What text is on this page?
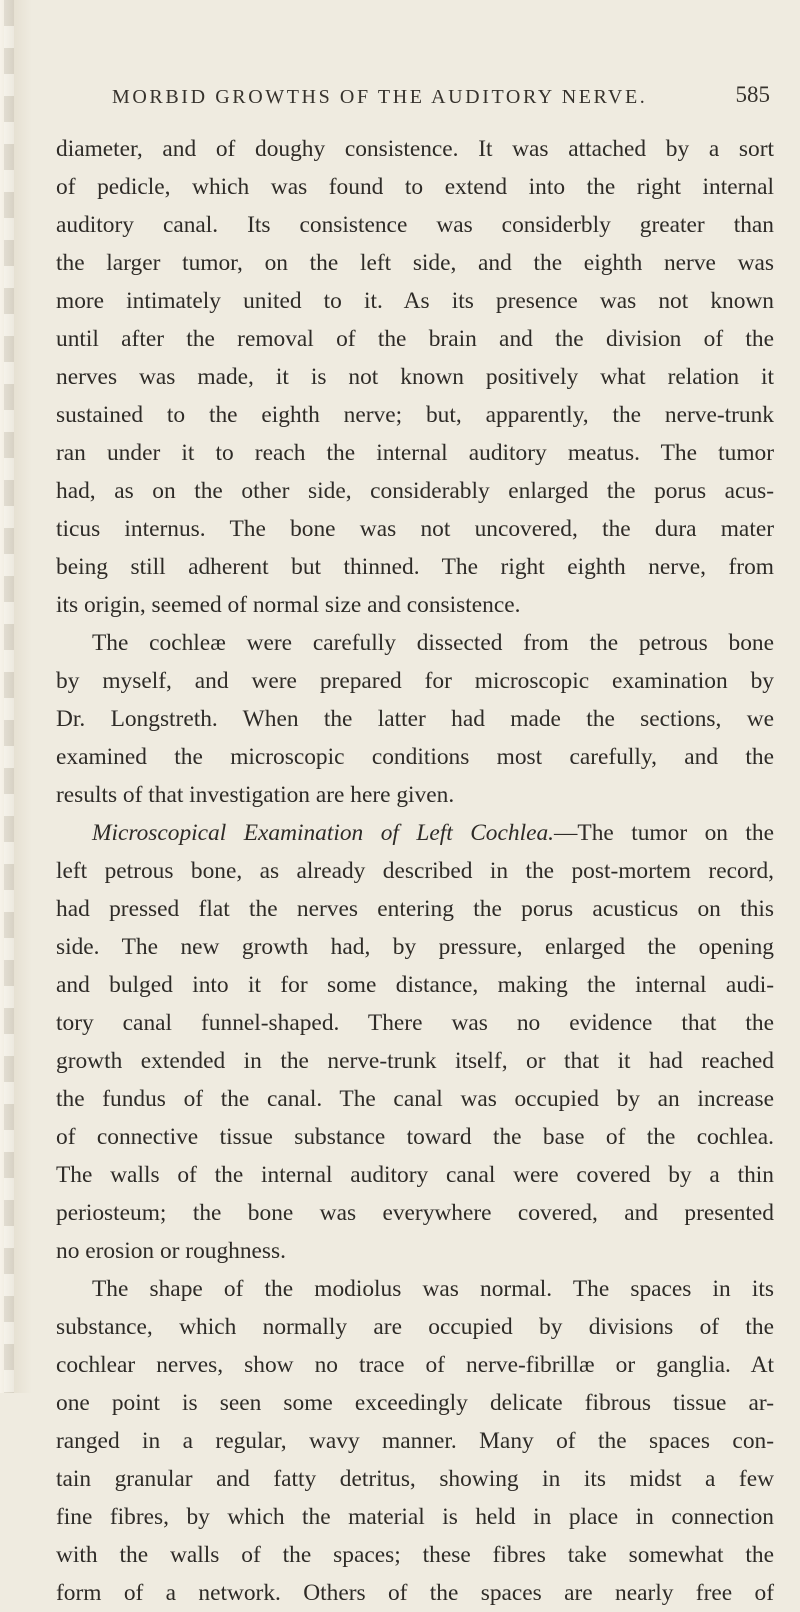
MORBID GROWTHS OF THE AUDITORY NERVE.	585
diameter, and of doughy consistence. It was attached by a sort
of pedicle, which was found to extend into the right internal
auditory canal. Its consistence was considerbly greater than
the larger tumor, on the left side, and the eighth nerve was
more intimately united to it. As its presence was not known
until after the removal of the brain and the division of the
nerves was made, it is not known positively what relation it
sustained to the eighth nerve; but, apparently, the nerve-trunk
ran under it to reach the internal auditory meatus. The tumor
had, as on the other side, considerably enlarged the porus acus-
ticus internus. The bone was not uncovered, the dura mater
being still adherent but thinned. The right eighth nerve, from
its origin, seemed of normal size and consistence.
The cochleæ were carefully dissected from the petrous bone
by myself, and were prepared for microscopic examination by
Dr. Longstreth. When the latter had made the sections, we
examined the microscopic conditions most carefully, and the
results of that investigation are here given.
Microscopical Examination of Left Cochlea.—The tumor on the
left petrous bone, as already described in the post-mortem record,
had pressed flat the nerves entering the porus acusticus on this
side. The new growth had, by pressure, enlarged the opening
and bulged into it for some distance, making the internal audi-
tory canal funnel-shaped. There was no evidence that the
growth extended in the nerve-trunk itself, or that it had reached
the fundus of the canal. The canal was occupied by an increase
of connective tissue substance toward the base of the cochlea.
The walls of the internal auditory canal were covered by a thin
periosteum; the bone was everywhere covered, and presented
no erosion or roughness.
The shape of the modiolus was normal. The spaces in its
substance, which normally are occupied by divisions of the
cochlear nerves, show no trace of nerve-fibrillæ or ganglia. At
one point is seen some exceedingly delicate fibrous tissue ar-
ranged in a regular, wavy manner. Many of the spaces con-
tain granular and fatty detritus, showing in its midst a few
fine fibres, by which the material is held in place in connection
with the walls of the spaces; these fibres take somewhat the
form of a network. Others of the spaces are nearly free of
